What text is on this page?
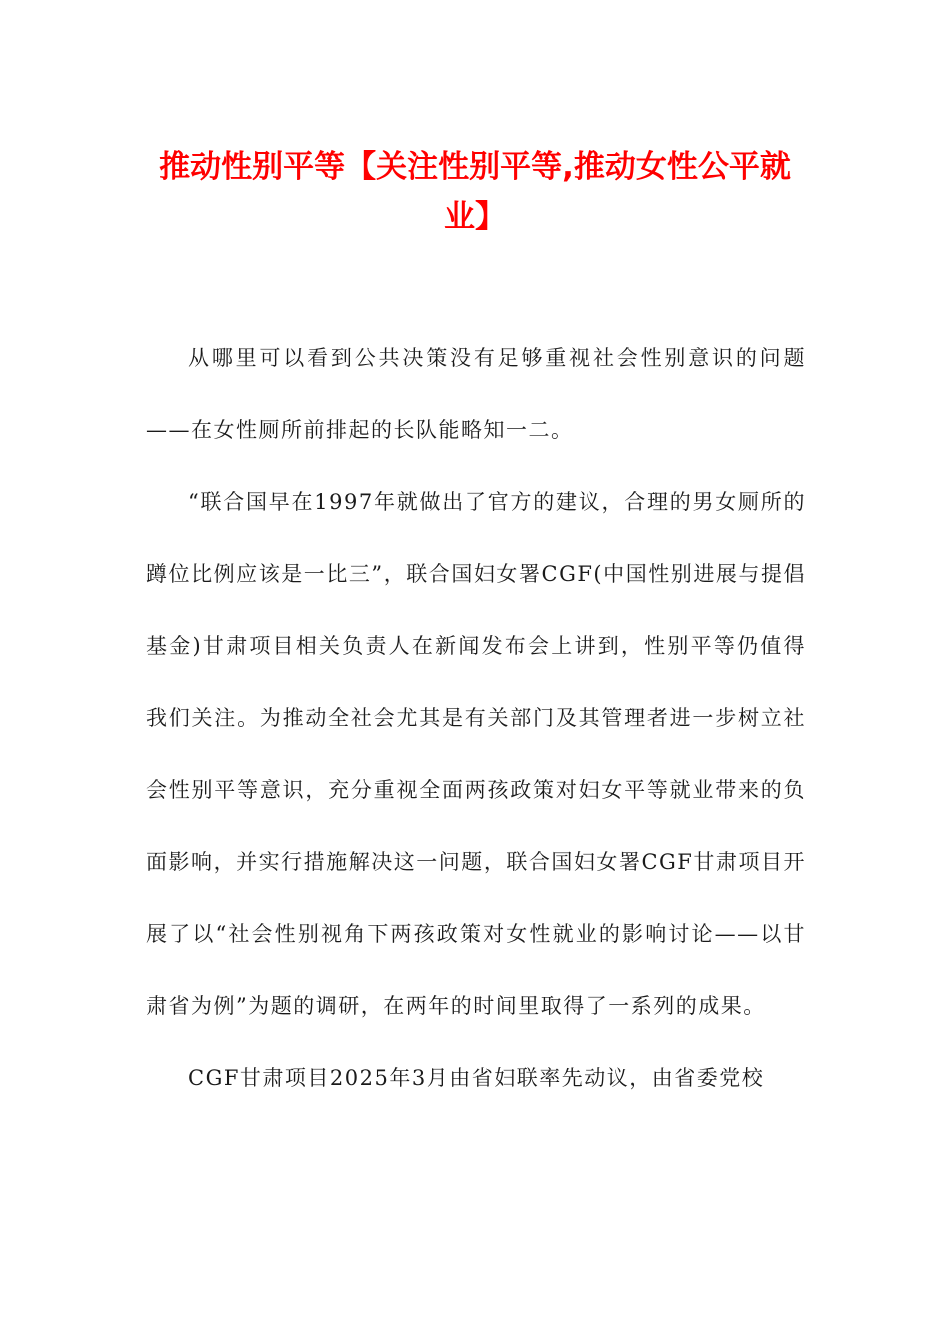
推动性别平等【关注性别平等,推动女性公平就业】

从哪里可以看到公共决策没有足够重视社会性别意识的问题——在女性厕所前排起的长队能略知一二。

“联合国早在1997年就做出了官方的建议，合理的男女厕所的蹲位比例应该是一比三”，联合国妇女署CGF(中国性别进展与提倡基金)甘肃项目相关负责人在新闻发布会上讲到，性别平等仍值得我们关注。为推动全社会尤其是有关部门及其管理者进一步树立社会性别平等意识，充分重视全面两孩政策对妇女平等就业带来的负面影响，并实行措施解决这一问题，联合国妇女署CGF甘肃项目开展了以“社会性别视角下两孩政策对女性就业的影响讨论——以甘肃省为例”为题的调研，在两年的时间里取得了一系列的成果。

CGF甘肃项目2025年3月由省妇联率先动议，由省委党校
